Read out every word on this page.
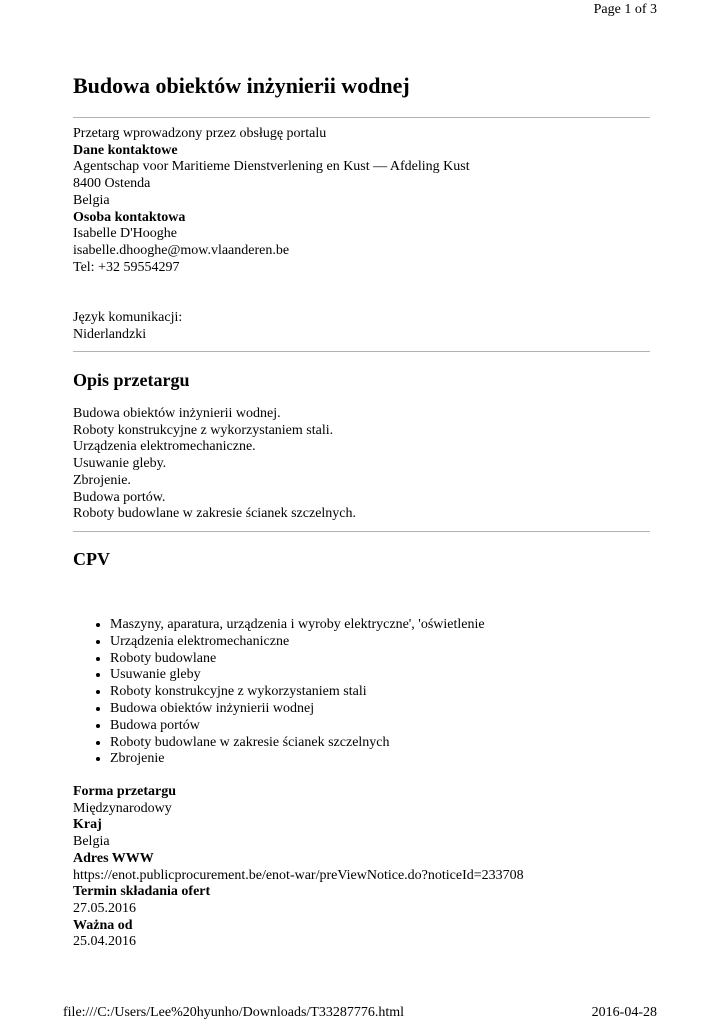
Page 1 of 3
Budowa obiektów inżynierii wodnej
Przetarg wprowadzony przez obsługę portalu
Dane kontaktowe
Agentschap voor Maritieme Dienstverlening en Kust — Afdeling Kust
8400 Ostenda
Belgia
Osoba kontaktowa
Isabelle D'Hooghe
isabelle.dhooghe@mow.vlaanderen.be
Tel: +32 59554297
Język komunikacji:
Niderlandzki
Opis przetargu
Budowa obiektów inżynierii wodnej.
Roboty konstrukcyjne z wykorzystaniem stali.
Urządzenia elektromechaniczne.
Usuwanie gleby.
Zbrojenie.
Budowa portów.
Roboty budowlane w zakresie ścianek szczelnych.
CPV
• Maszyny, aparatura, urządzenia i wyroby elektryczne', 'oświetlenie
• Urządzenia elektromechaniczne
• Roboty budowlane
• Usuwanie gleby
• Roboty konstrukcyjne z wykorzystaniem stali
• Budowa obiektów inżynierii wodnej
• Budowa portów
• Roboty budowlane w zakresie ścianek szczelnych
• Zbrojenie
Forma przetargu
Międzynarodowy
Kraj
Belgia
Adres WWW
https://enot.publicprocurement.be/enot-war/preViewNotice.do?noticeId=233708
Termin składania ofert
27.05.2016
Ważna od
25.04.2016
file:///C:/Users/Lee%20hyunho/Downloads/T33287776.html	2016-04-28
